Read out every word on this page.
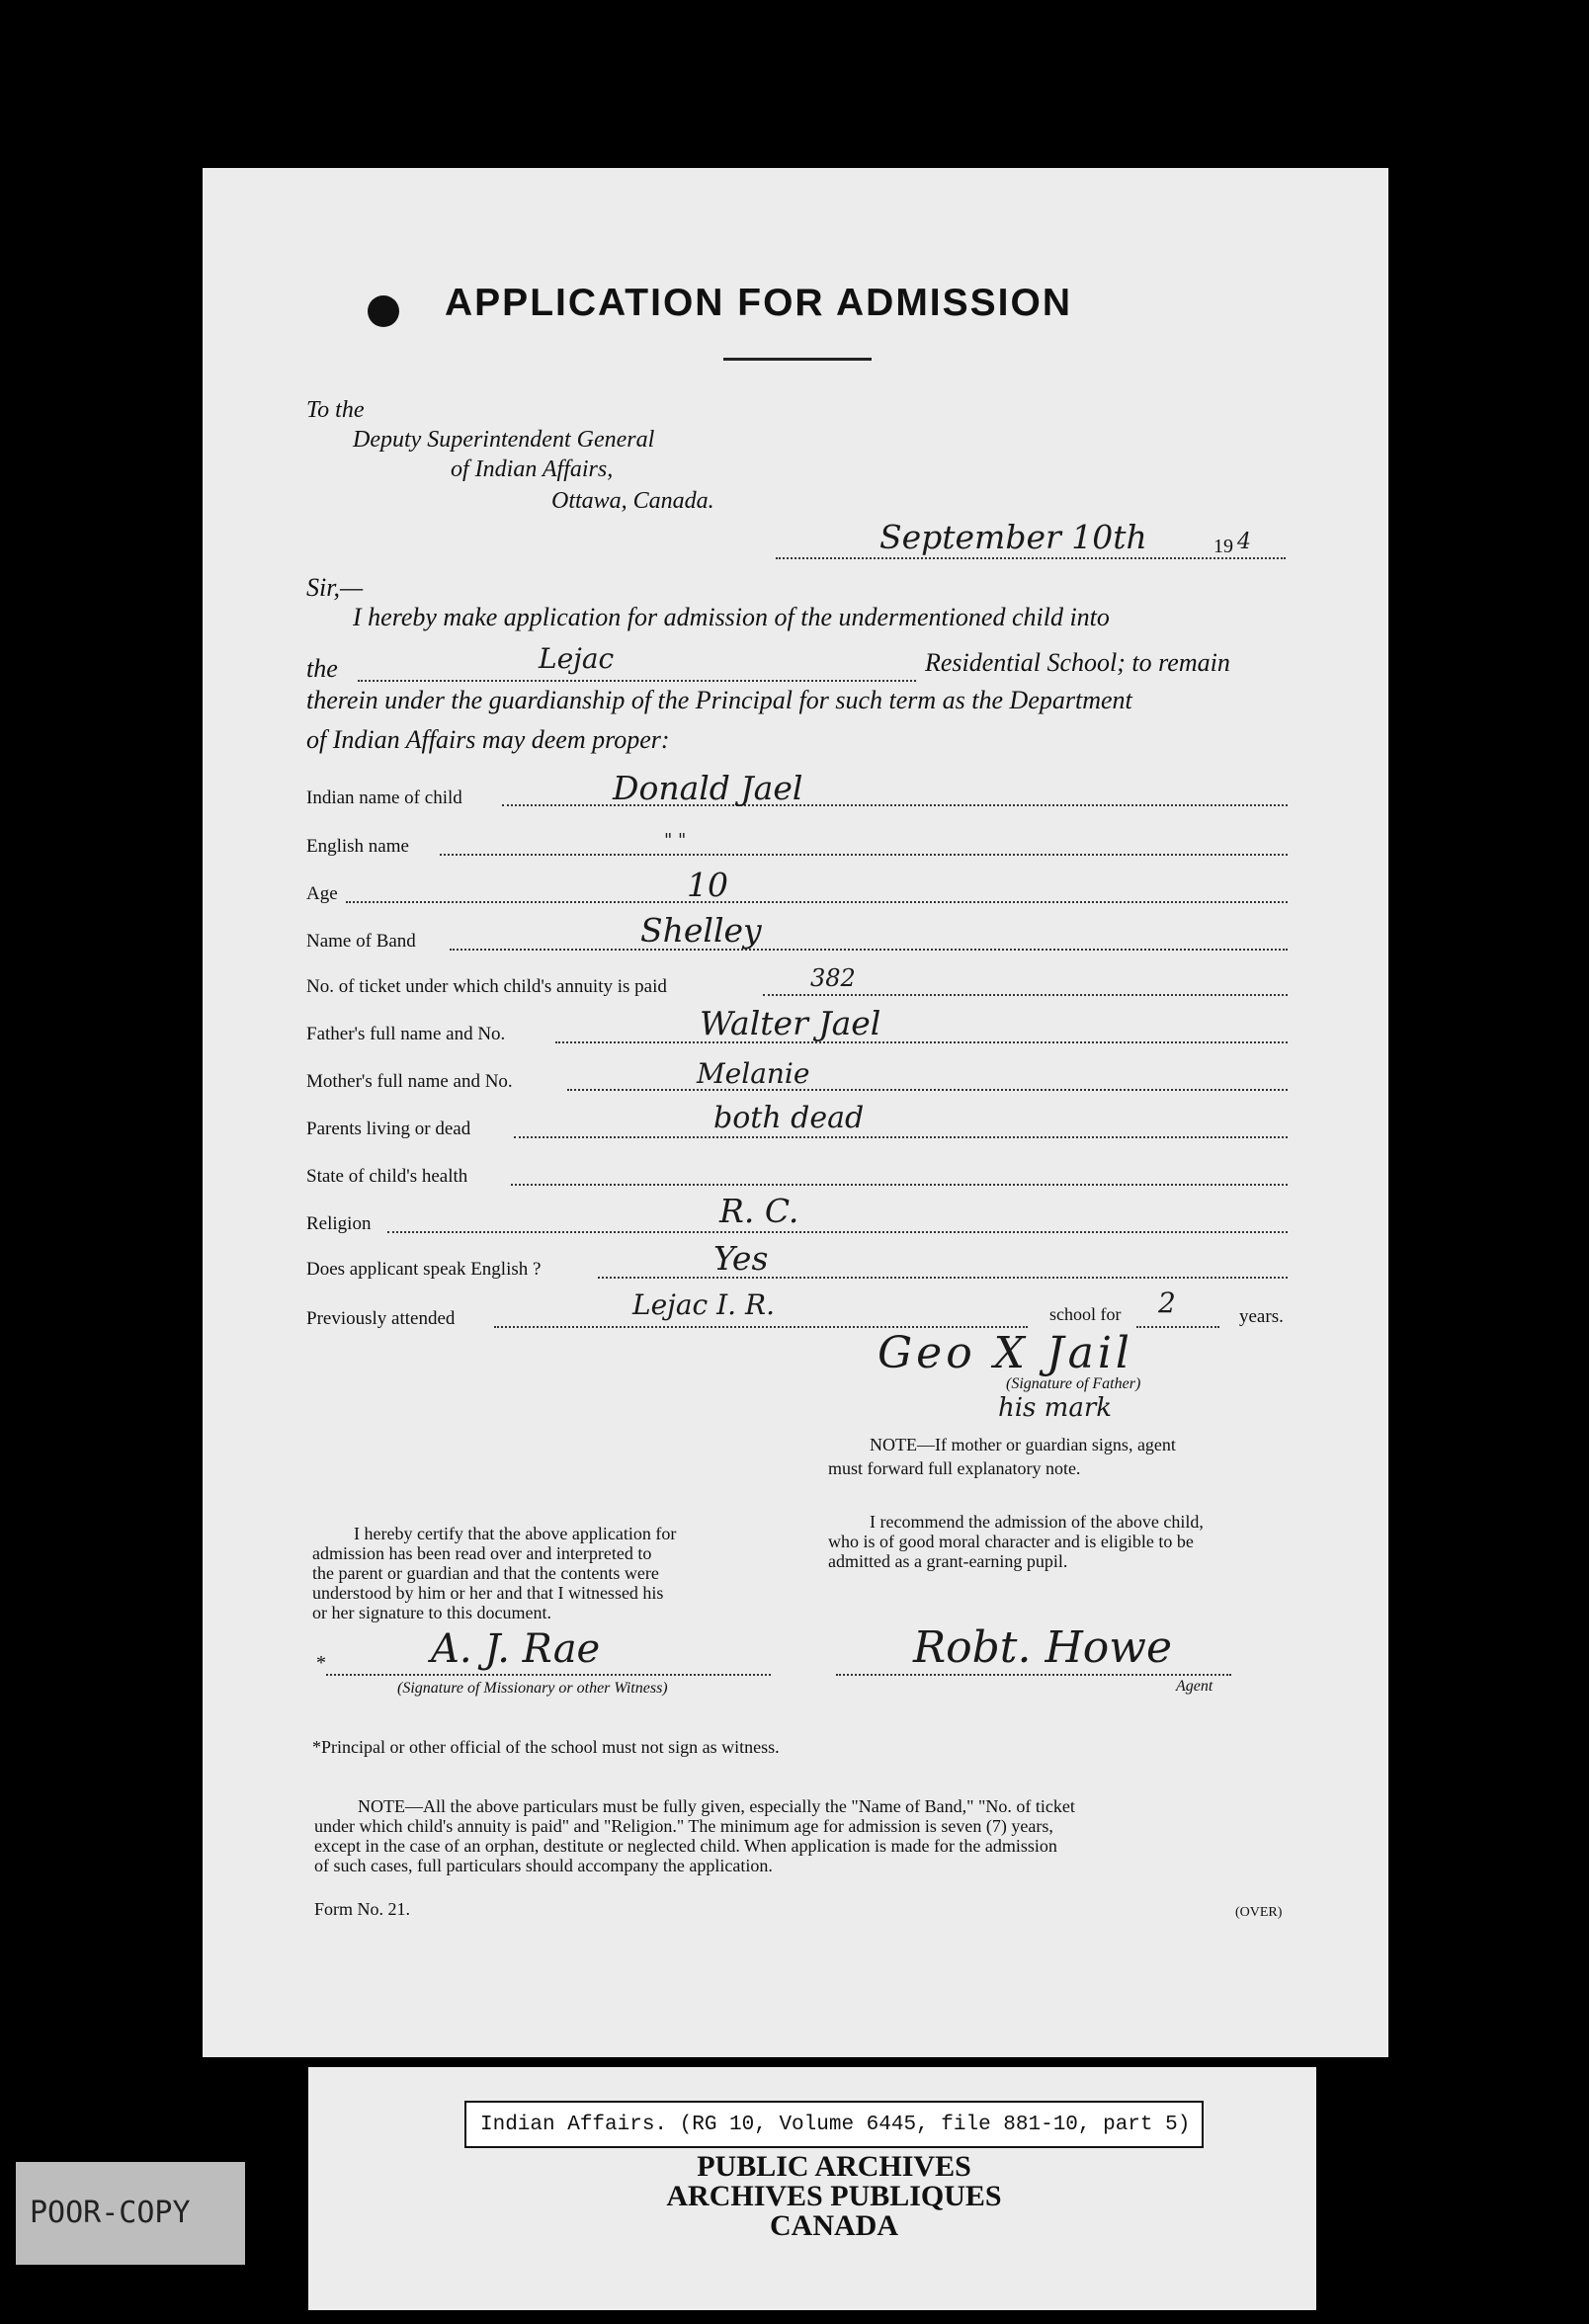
APPLICATION FOR ADMISSION
To the
Deputy Superintendent General
of Indian Affairs,
Ottawa, Canada.
September 10th	19 4
Sir,—
I hereby make application for admission of the undermentioned child into
the	Lejac	Residential School; to remain
therein under the guardianship of the Principal for such term as the Department
of Indian Affairs may deem proper:
Indian name of child	Donald Jael
English name	" "
Age	10
Name of Band	Shelley
No. of ticket under which child's annuity is paid	382
Father's full name and No.	Walter Jael
Mother's full name and No.	Melanie
Parents living or dead	both dead
State of child's health
Religion	R. C.
Does applicant speak English ?	Yes
Previously attended	Lejac I. R.	school for 2	years.
Geo X Jail
(Signature of Father)
his mark
NOTE—If mother or guardian signs, agent
must forward full explanatory note.
I hereby certify that the above application for
admission has been read over and interpreted to
the parent or guardian and that the contents were
understood by him or her and that I witnessed his
or her signature to this document.
I recommend the admission of the above child,
who is of good moral character and is eligible to be
admitted as a grant-earning pupil.
*	A. J. Rae
(Signature of Missionary or other Witness)
Robt. Howe
Agent
*Principal or other official of the school must not sign as witness.
NOTE—All the above particulars must be fully given, especially the "Name of Band," "No. of ticket
under which child's annuity is paid" and "Religion." The minimum age for admission is seven (7) years,
except in the case of an orphan, destitute or neglected child. When application is made for the admission
of such cases, full particulars should accompany the application.
Form No. 21.	(OVER)
Indian Affairs. (RG 10, Volume 6445, file 881-10, part 5)
PUBLIC ARCHIVES
ARCHIVES PUBLIQUES
CANADA
POOR-COPY
